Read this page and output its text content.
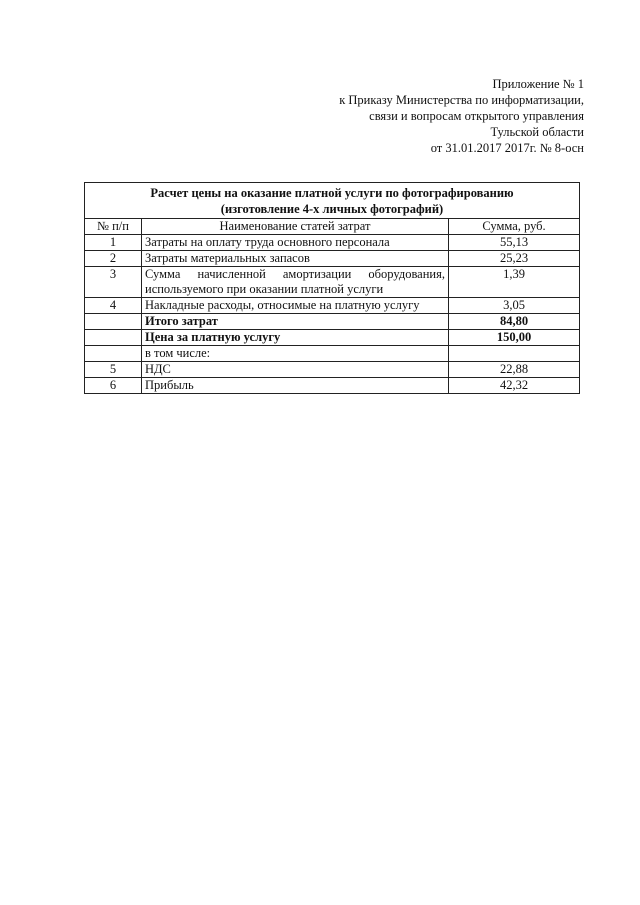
Приложение № 1
к Приказу Министерства по информатизации,
связи и вопросам открытого управления
Тульской области
от 31.01.2017 2017г. № 8-осн
Расчет цены на оказание платной услуги по фотографированию
(изготовление 4-х личных фотографий)		

№ п/п	Наименование статей затрат	Сумма, руб.
1	Затраты на оплату труда основного персонала	55,13
2	Затраты материальных запасов	25,23
3	Сумма начисленной амортизации оборудования, используемого при оказании платной услуги	1,39
4	Накладные расходы, относимые на платную услугу	3,05
	Итого затрат	84,80
	Цена за платную услугу	150,00
	в том числе:	
5	НДС	22,88
6	Прибыль	42,32
